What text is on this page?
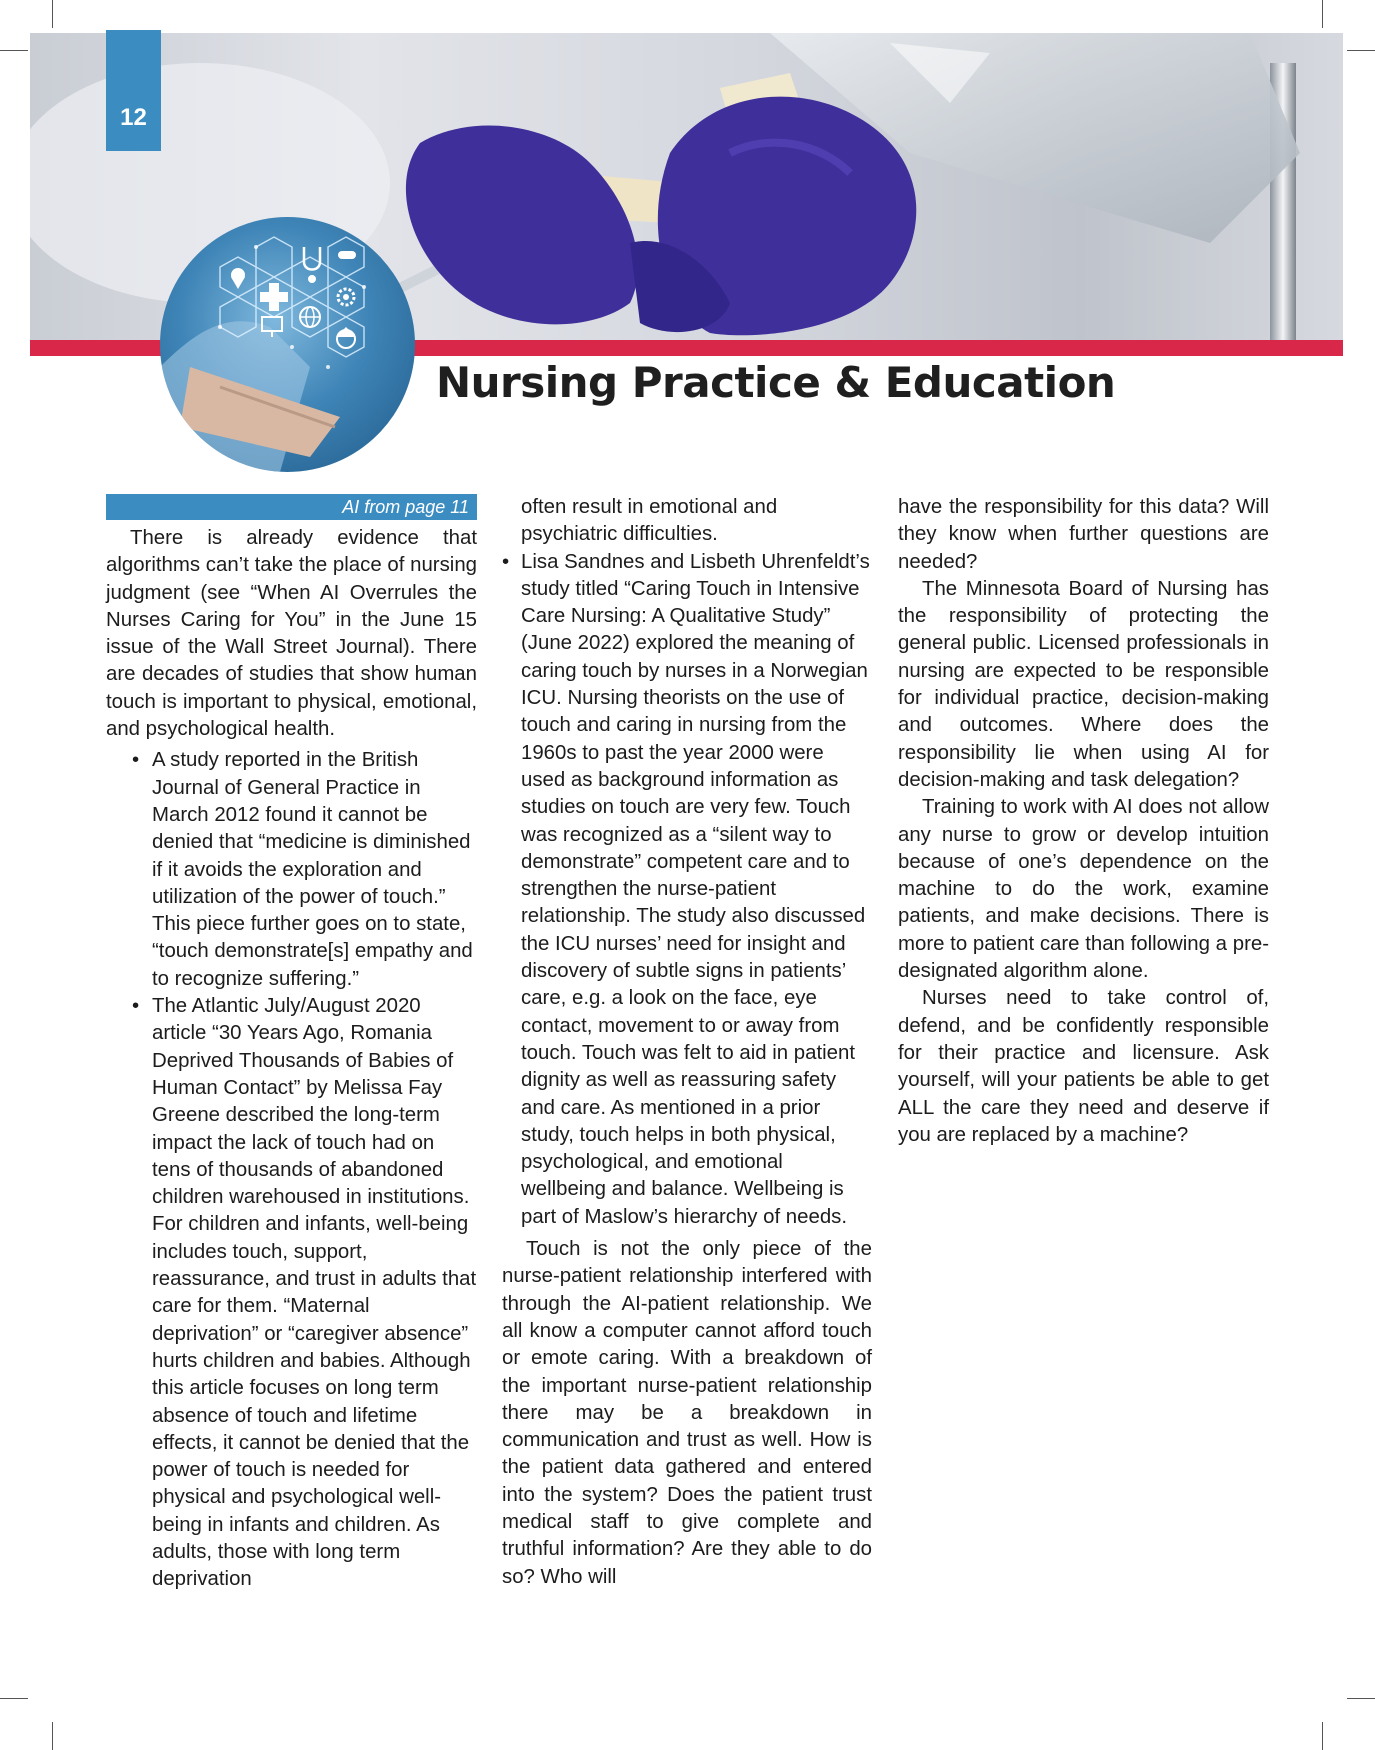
12
Nursing Practice & Education
AI from page 11

There is already evidence that algorithms can’t take the place of nursing judgment (see “When AI Overrules the Nurses Caring for You” in the June 15 issue of the Wall Street Journal). There are decades of studies that show human touch is important to physical, emotional, and psychological health.

• A study reported in the British Journal of General Practice in March 2012 found it cannot be denied that “medicine is diminished if it avoids the exploration and utilization of the power of touch.” This piece further goes on to state, “touch demonstrate[s] empathy and to recognize suffering.”
• The Atlantic July/August 2020 article “30 Years Ago, Romania Deprived Thousands of Babies of Human Contact” by Melissa Fay Greene described the long-term impact the lack of touch had on tens of thousands of abandoned children warehoused in institutions.

For children and infants, well-being includes touch, support, reassurance, and trust in adults that care for them. “Maternal deprivation” or “caregiver absence” hurts children and babies. Although this article focuses on long term absence of touch and lifetime effects, it cannot be denied that the power of touch is needed for physical and psychological well-being in infants and children. As adults, those with long term deprivation

often result in emotional and psychiatric difficulties.

• Lisa Sandnes and Lisbeth Uhrenfeldt’s study titled “Caring Touch in Intensive Care Nursing: A Qualitative Study” (June 2022) explored the meaning of caring touch by nurses in a Norwegian ICU. Nursing theorists on the use of touch and caring in nursing from the 1960s to past the year 2000 were used as background information as studies on touch are very few. Touch was recognized as a “silent way to demonstrate” competent care and to strengthen the nurse-patient relationship. The study also discussed the ICU nurses’ need for insight and discovery of subtle signs in patients’ care, e.g. a look on the face, eye contact, movement to or away from touch. Touch was felt to aid in patient dignity as well as reassuring safety and care. As mentioned in a prior study, touch helps in both physical, psychological, and emotional wellbeing and balance. Wellbeing is part of Maslow’s hierarchy of needs.

Touch is not the only piece of the nurse-patient relationship interfered with through the AI-patient relationship. We all know a computer cannot afford touch or emote caring. With a breakdown of the important nurse-patient relationship there may be a breakdown in communication and trust as well. How is the patient data gathered and entered into the system? Does the patient trust medical staff to give complete and truthful information? Are they able to do so? Who will

have the responsibility for this data? Will they know when further questions are needed?

The Minnesota Board of Nursing has the responsibility of protecting the general public. Licensed professionals in nursing are expected to be responsible for individual practice, decision-making and outcomes. Where does the responsibility lie when using AI for decision-making and task delegation?

Training to work with AI does not allow any nurse to grow or develop intuition because of one’s dependence on the machine to do the work, examine patients, and make decisions. There is more to patient care than following a pre-designated algorithm alone.

Nurses need to take control of, defend, and be confidently responsible for their practice and licensure. Ask yourself, will your patients be able to get ALL the care they need and deserve if you are replaced by a machine?
